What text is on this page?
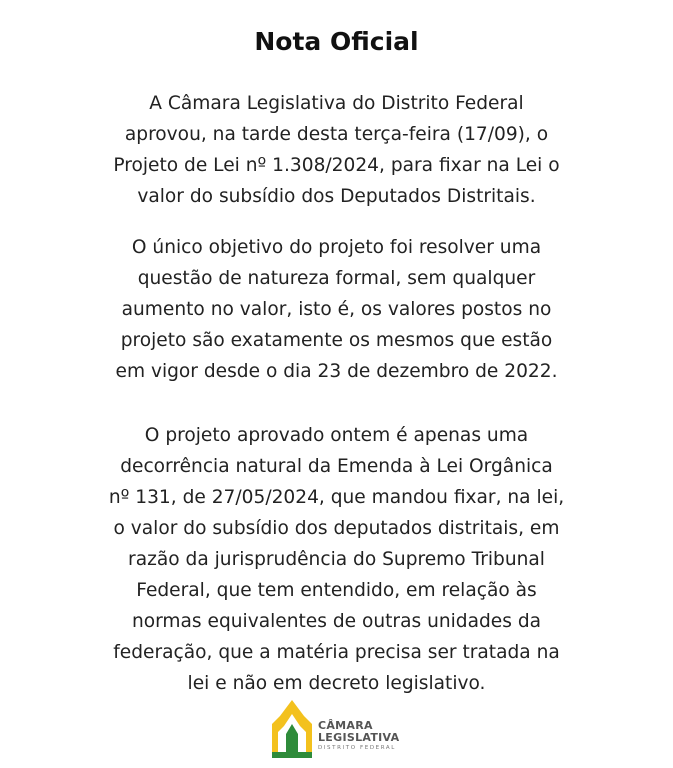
Nota Oficial

A Câmara Legislativa do Distrito Federal
aprovou, na tarde desta terça-feira (17/09), o
Projeto de Lei nº 1.308/2024, para fixar na Lei o
valor do subsídio dos Deputados Distritais.

O único objetivo do projeto foi resolver uma
questão de natureza formal, sem qualquer
aumento no valor, isto é, os valores postos no
projeto são exatamente os mesmos que estão
em vigor desde o dia 23 de dezembro de 2022.

O projeto aprovado ontem é apenas uma
decorrência natural da Emenda à Lei Orgânica
nº 131, de 27/05/2024, que mandou fixar, na lei,
o valor do subsídio dos deputados distritais, em
razão da jurisprudência do Supremo Tribunal
Federal, que tem entendido, em relação às
normas equivalentes de outras unidades da
federação, que a matéria precisa ser tratada na
lei e não em decreto legislativo.

CÂMARA
LEGISLATIVA
DISTRITO FEDERAL
